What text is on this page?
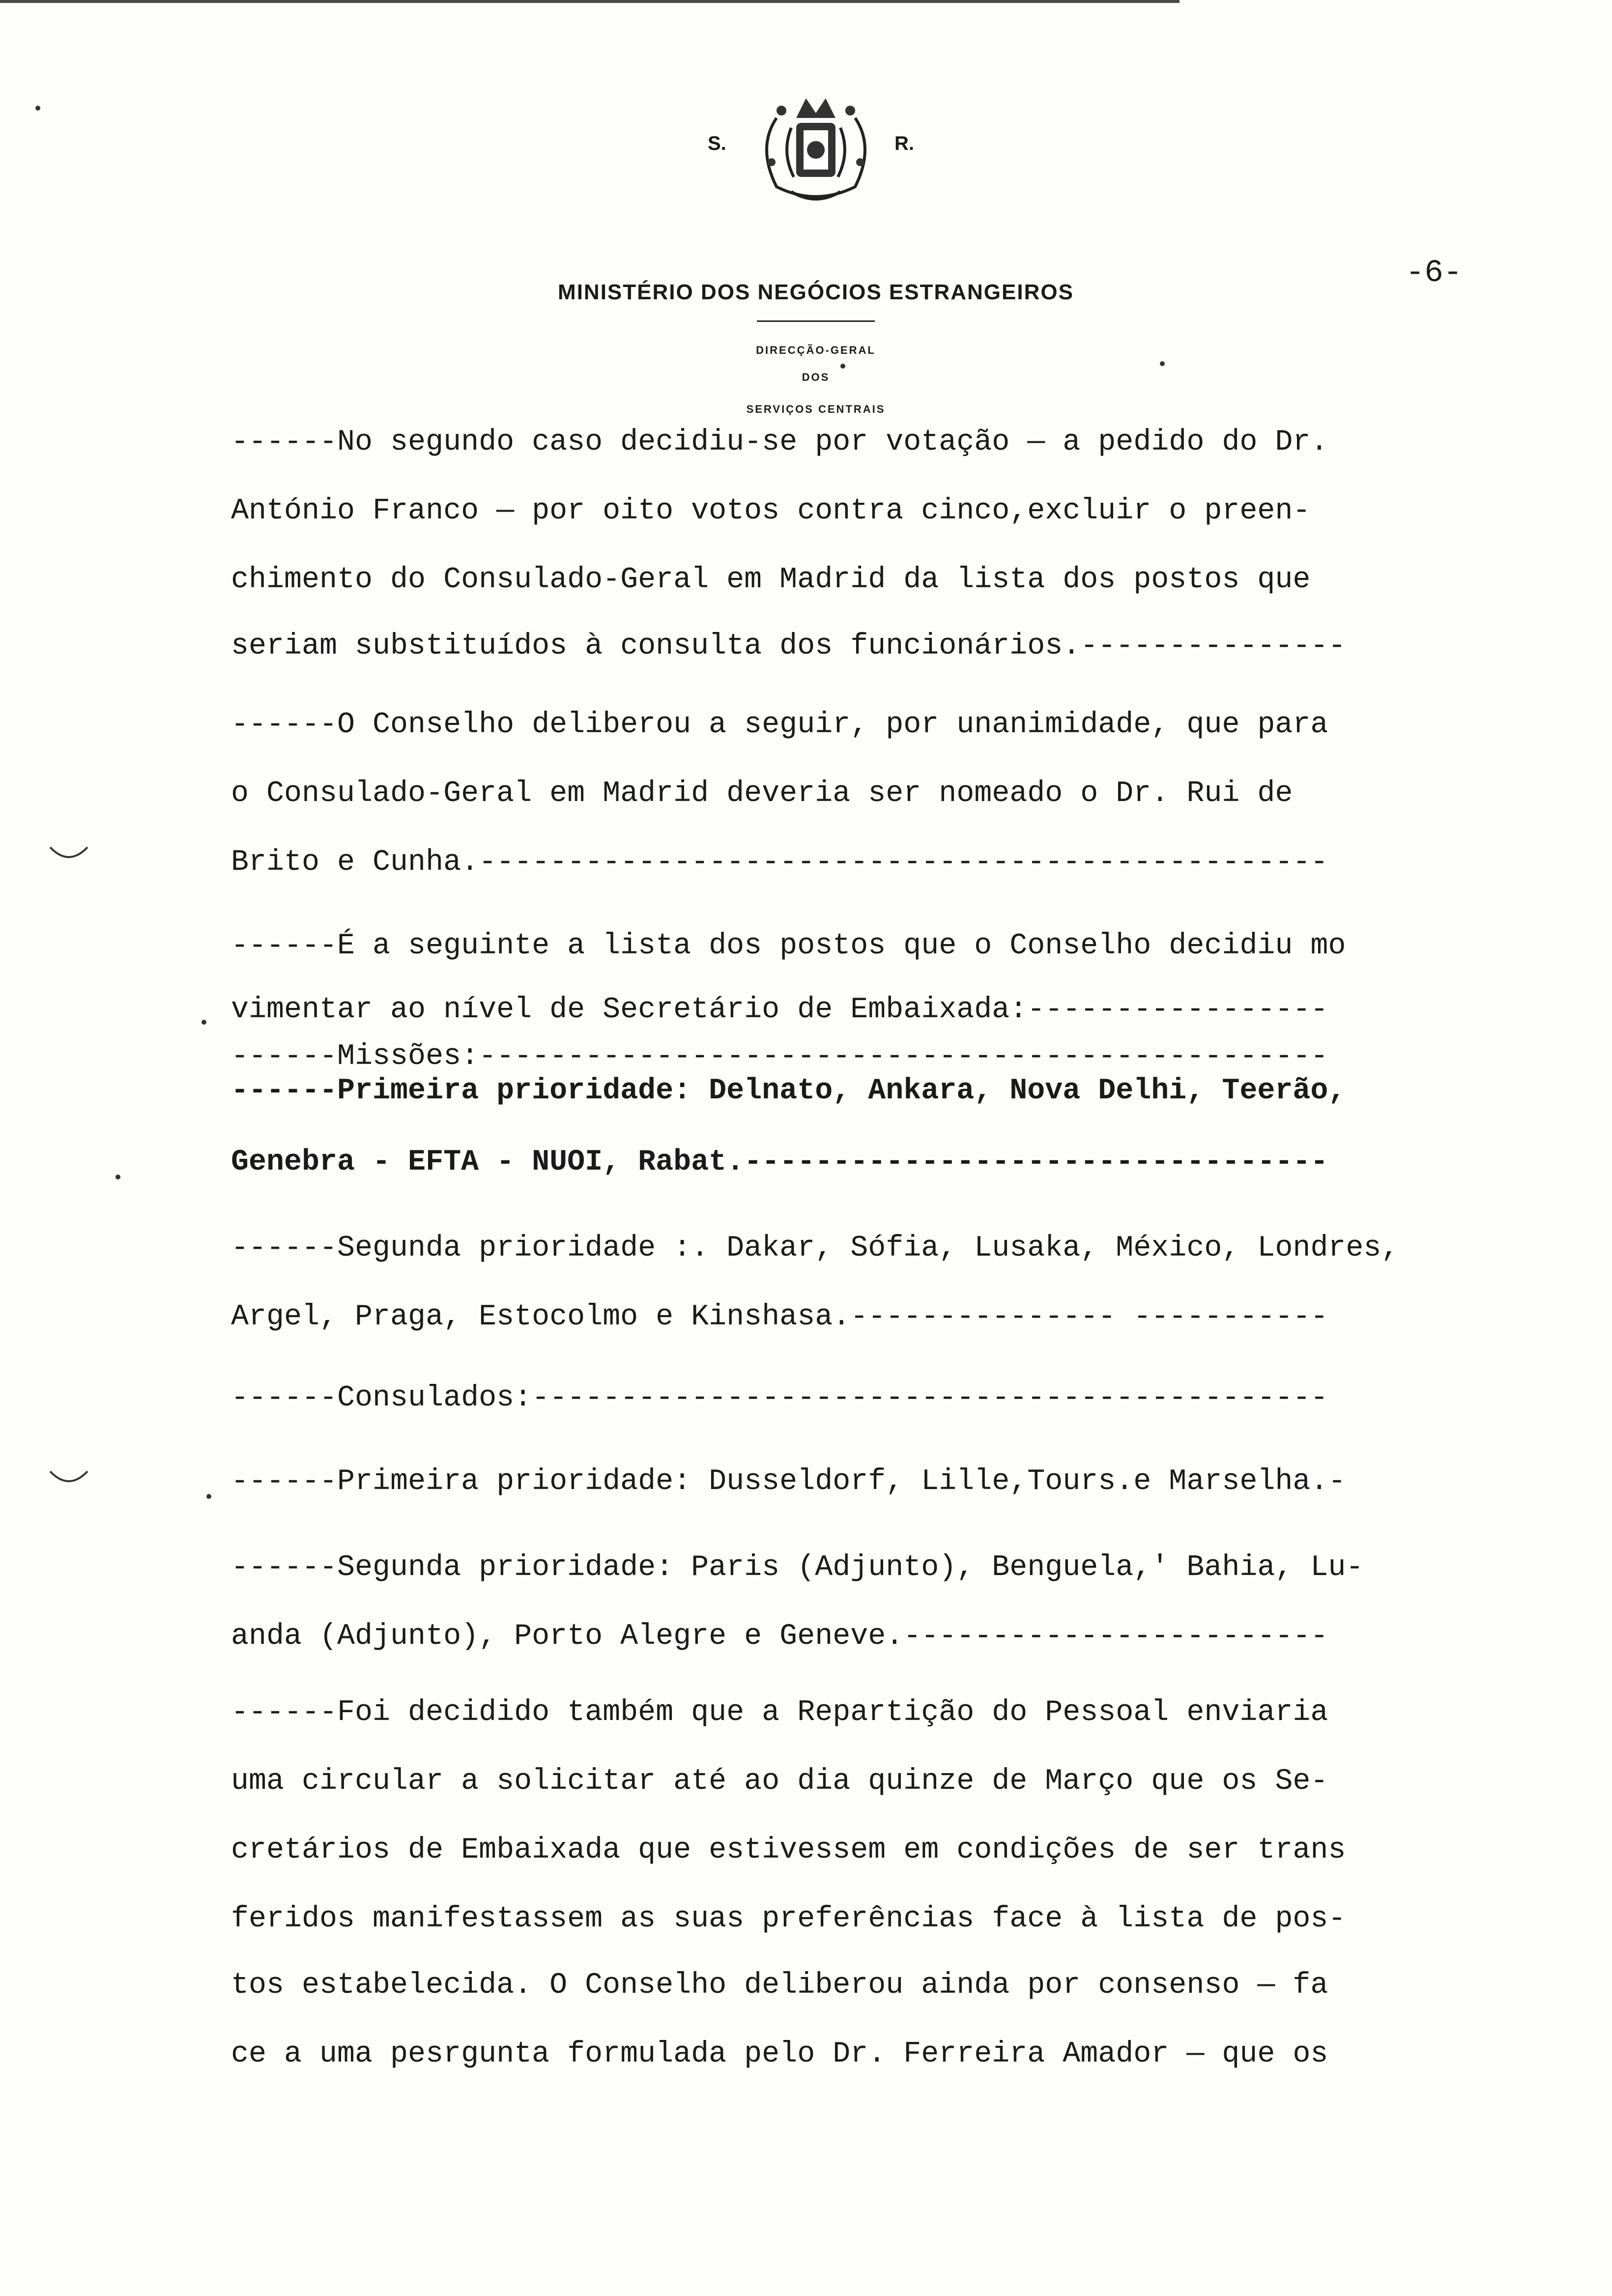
S.	R.
MINISTÉRIO DOS NEGÓCIOS ESTRANGEIROS
DIRECÇÃO-GERAL
DOS
SERVIÇOS CENTRAIS
-6-
------No segundo caso decidiu-se por votação — a pedido do Dr.
António Franco — por oito votos contra cinco,excluir o preen-
chimento do Consulado-Geral em Madrid da lista dos postos que
seriam substituídos à consulta dos funcionários.---------------
------O Conselho deliberou a seguir, por unanimidade, que para
o Consulado-Geral em Madrid deveria ser nomeado o Dr. Rui de
Brito e Cunha.------------------------------------------------
------É a seguinte a lista dos postos que o Conselho decidiu mo
vimentar ao nível de Secretário de Embaixada:-----------------
------Missões:------------------------------------------------
------Primeira prioridade: Delnato, Ankara, Nova Delhi, Teerão,
Genebra - EFTA - NUOI, Rabat.---------------------------------
------Segunda prioridade :. Dakar, Sófia, Lusaka, México, Londres,
Argel, Praga, Estocolmo e Kinshasa.--------------- -----------
------Consulados:---------------------------------------------
------Primeira prioridade: Dusseldorf, Lille,Tours.e Marselha.-
------Segunda prioridade: Paris (Adjunto), Benguela,' Bahia, Lu-
anda (Adjunto), Porto Alegre e Geneve.------------------------
------Foi decidido também que a Repartição do Pessoal enviaria
uma circular a solicitar até ao dia quinze de Março que os Se-
cretários de Embaixada que estivessem em condições de ser trans
feridos manifestassem as suas preferências face à lista de pos-
tos estabelecida. O Conselho deliberou ainda por consenso — fa
ce a uma pesrgunta formulada pelo Dr. Ferreira Amador — que os
